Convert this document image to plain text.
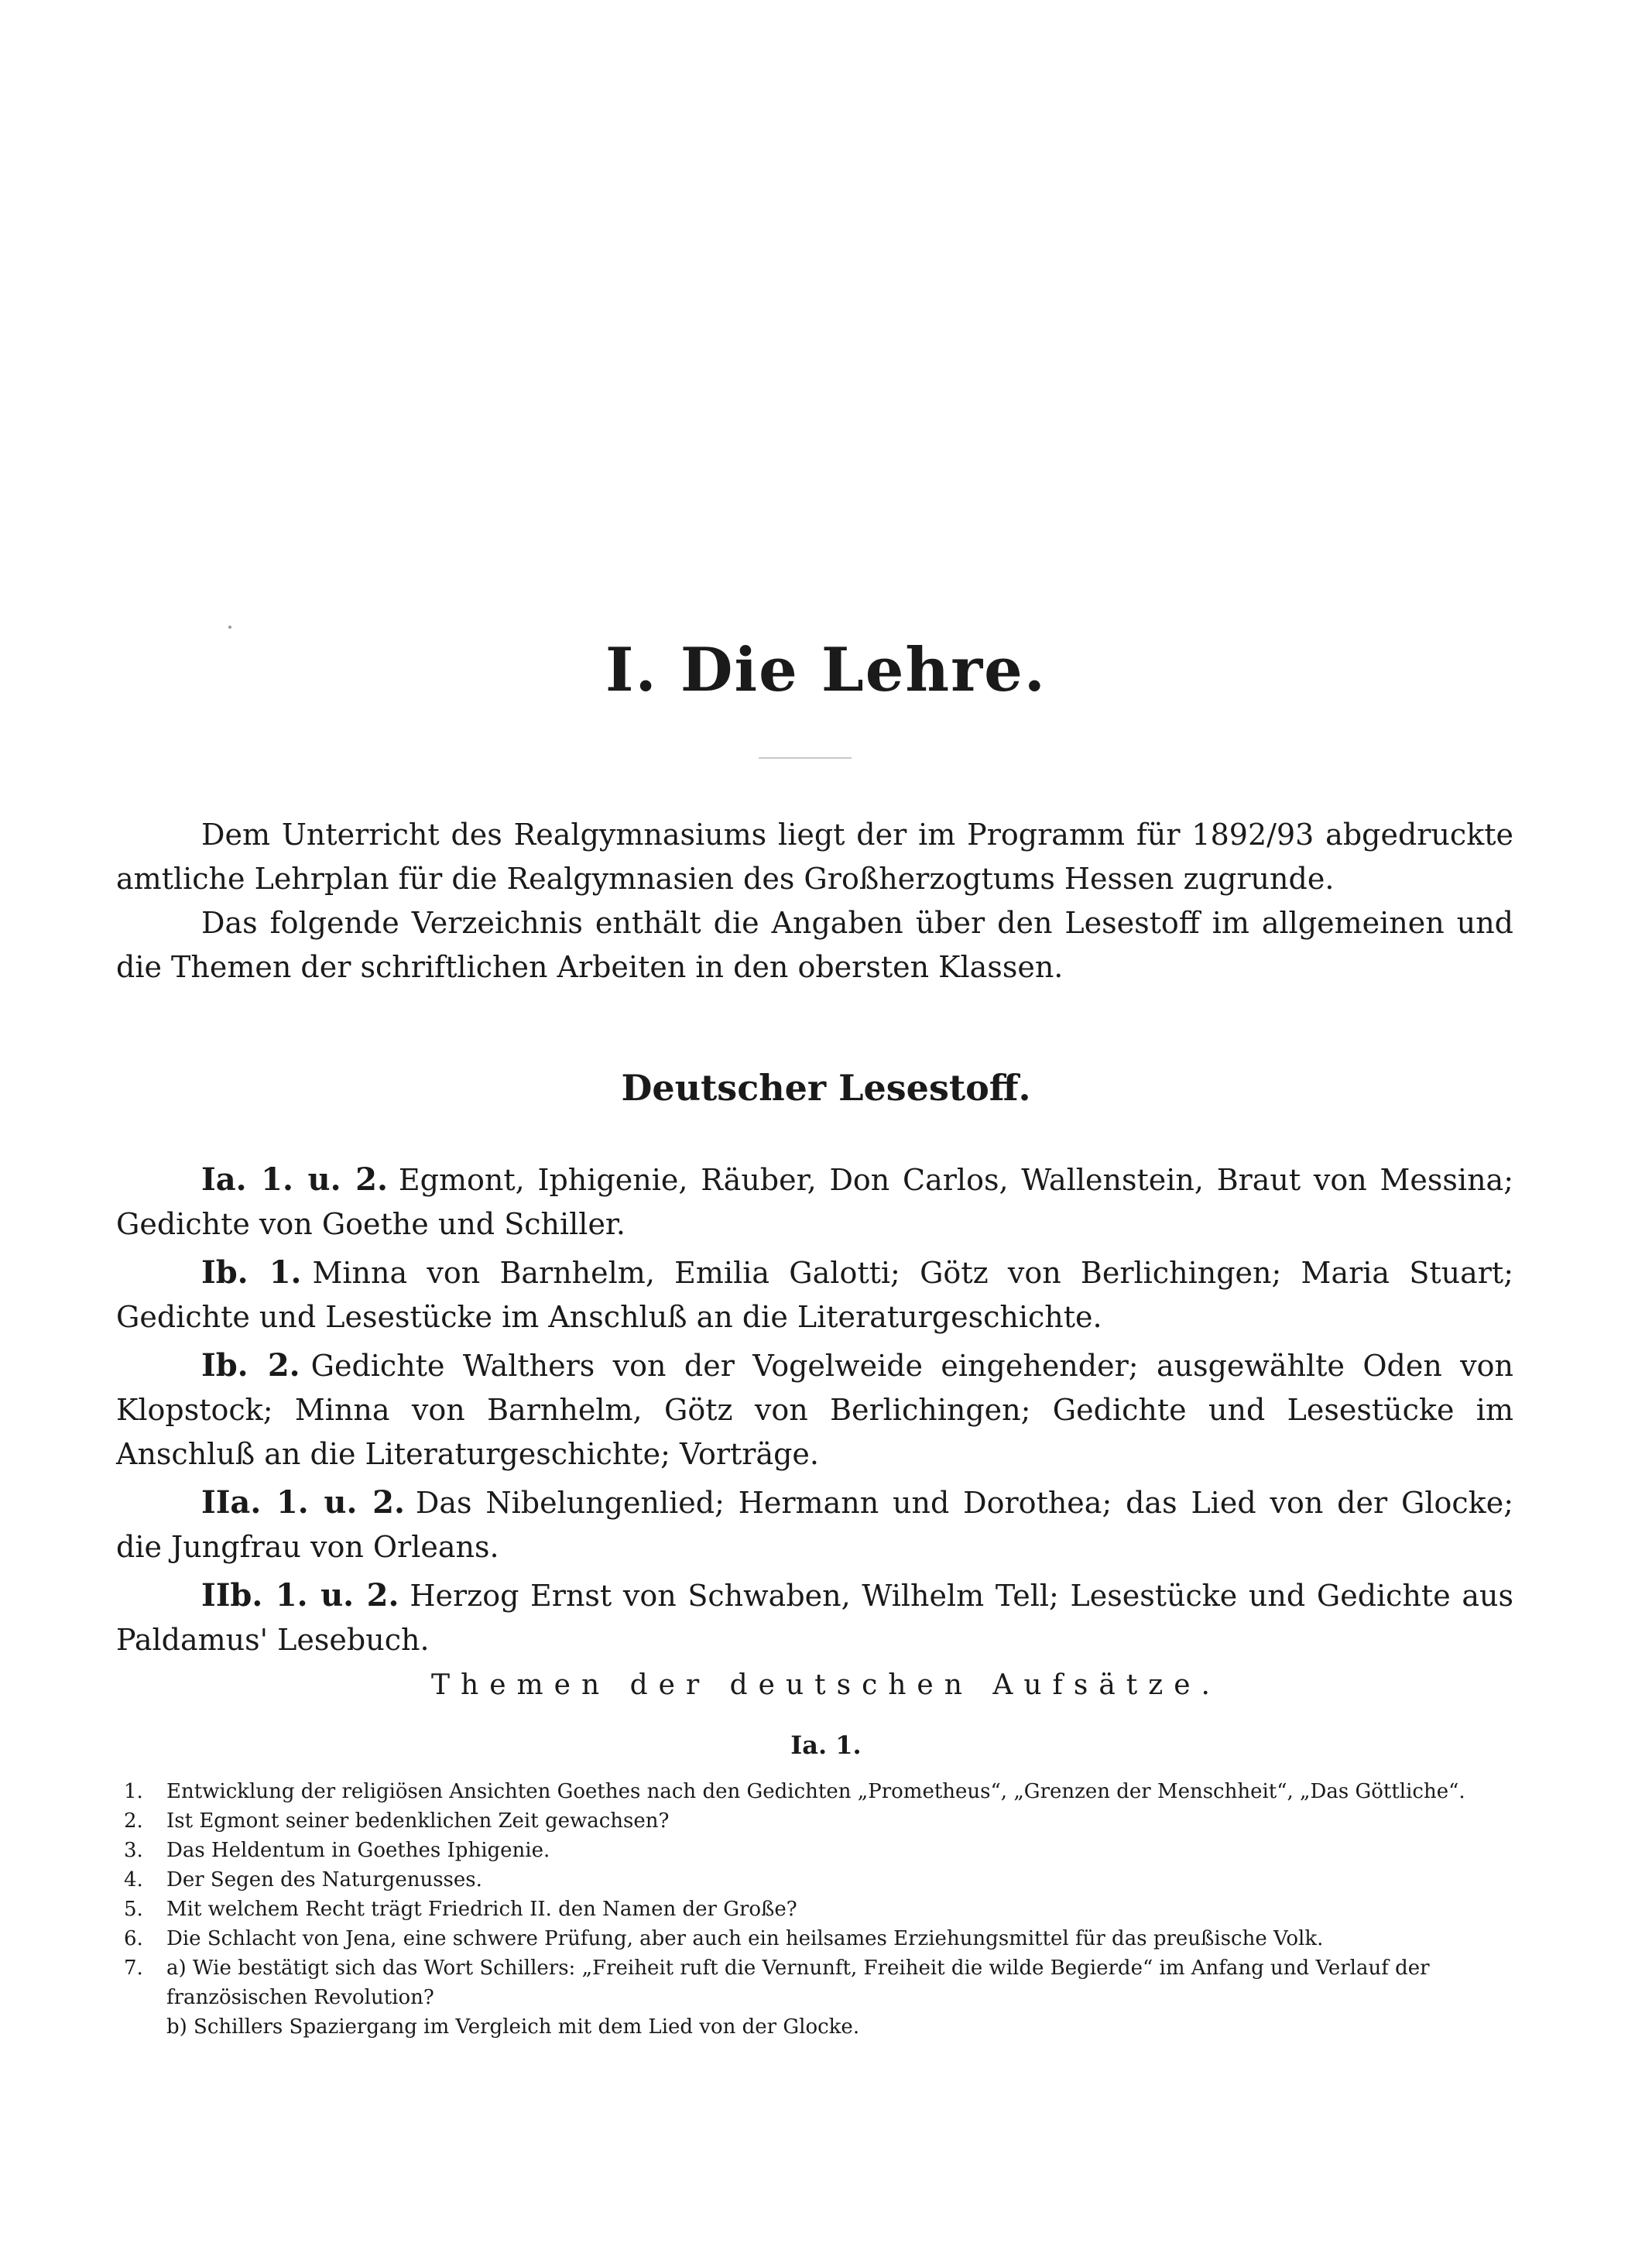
I. Die Lehre.

Dem Unterricht des Realgymnasiums liegt der im Programm für 1892/93 abgedruckte amtliche Lehrplan für die Realgymnasien des Großherzogtums Hessen zugrunde.

Das folgende Verzeichnis enthält die Angaben über den Lesestoff im allgemeinen und die Themen der schriftlichen Arbeiten in den obersten Klassen.

Deutscher Lesestoff.

Ia. 1. u. 2. Egmont, Iphigenie, Räuber, Don Carlos, Wallenstein, Braut von Messina; Gedichte von Goethe und Schiller.

Ib. 1. Minna von Barnhelm, Emilia Galotti; Götz von Berlichingen; Maria Stuart; Gedichte und Lesestücke im Anschluß an die Literaturgeschichte.

Ib. 2. Gedichte Walthers von der Vogelweide eingehender; ausgewählte Oden von Klopstock; Minna von Barnhelm, Götz von Berlichingen; Gedichte und Lesestücke im Anschluß an die Literaturgeschichte; Vorträge.

IIa. 1. u. 2. Das Nibelungenlied; Hermann und Dorothea; das Lied von der Glocke; die Jungfrau von Orleans.

IIb. 1. u. 2. Herzog Ernst von Schwaben, Wilhelm Tell; Lesestücke und Gedichte aus Paldamus' Lesebuch.

Themen der deutschen Aufsätze.
Ia. 1.
1. Entwicklung der religiösen Ansichten Goethes nach den Gedichten „Prometheus“, „Grenzen der Menschheit“, „Das Göttliche“.
2. Ist Egmont seiner bedenklichen Zeit gewachsen?
3. Das Heldentum in Goethes Iphigenie.
4. Der Segen des Naturgenusses.
5. Mit welchem Recht trägt Friedrich II. den Namen der Große?
6. Die Schlacht von Jena, eine schwere Prüfung, aber auch ein heilsames Erziehungsmittel für das preußische Volk.
7. a) Wie bestätigt sich das Wort Schillers: „Freiheit ruft die Vernunft, Freiheit die wilde Begierde“ im Anfang und Verlauf der französischen Revolution?
b) Schillers Spaziergang im Vergleich mit dem Lied von der Glocke.
